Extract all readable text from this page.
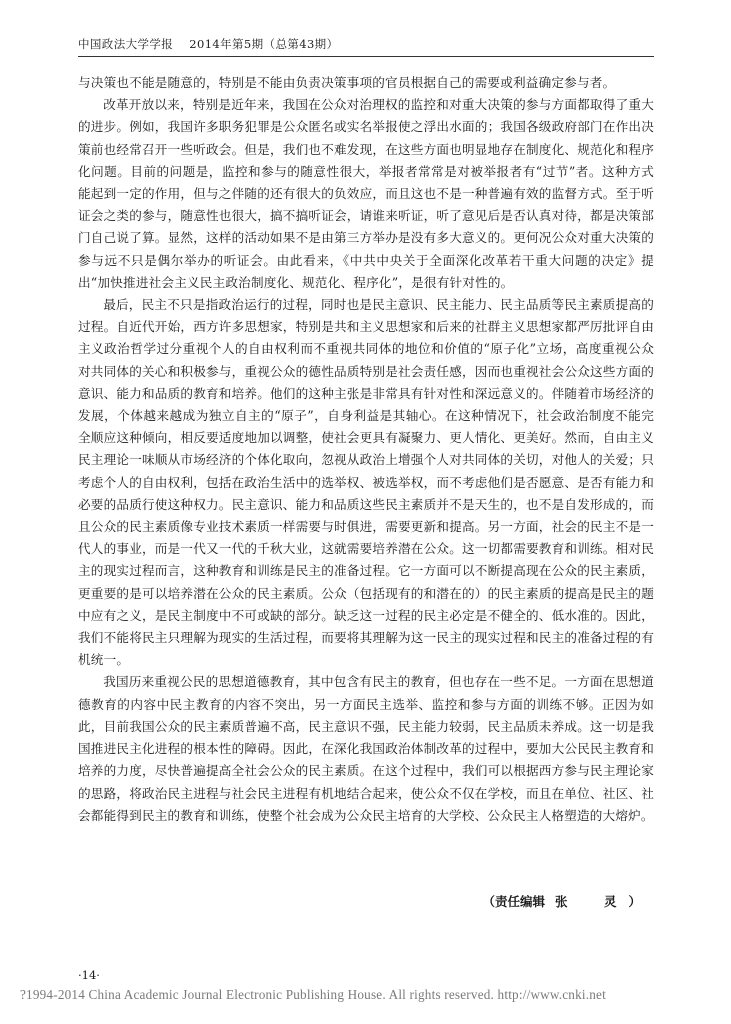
中国政法大学学报 2014年第5期（总第43期）

与决策也不能是随意的，特别是不能由负责决策事项的官员根据自己的需要或利益确定参与者。

改革开放以来，特别是近年来，我国在公众对治理权的监控和对重大决策的参与方面都取得了重大的进步。例如，我国许多职务犯罪是公众匿名或实名举报使之浮出水面的；我国各级政府部门在作出决策前也经常召开一些听政会。但是，我们也不难发现，在这些方面也明显地存在制度化、规范化和程序化问题。目前的问题是，监控和参与的随意性很大，举报者常常是对被举报者有“过节”者。这种方式能起到一定的作用，但与之伴随的还有很大的负效应，而且这也不是一种普遍有效的监督方式。至于听证会之类的参与，随意性也很大，搞不搞听证会，请谁来听证，听了意见后是否认真对待，都是决策部门自己说了算。显然，这样的活动如果不是由第三方举办是没有多大意义的。更何况公众对重大决策的参与远不只是偶尔举办的听证会。由此看来，《中共中央关于全面深化改革若干重大问题的决定》提出“加快推进社会主义民主政治制度化、规范化、程序化”，是很有针对性的。

最后，民主不只是指政治运行的过程，同时也是民主意识、民主能力、民主品质等民主素质提高的过程。自近代开始，西方许多思想家，特别是共和主义思想家和后来的社群主义思想家都严厉批评自由主义政治哲学过分重视个人的自由权利而不重视共同体的地位和价值的“原子化”立场，高度重视公众对共同体的关心和积极参与，重视公众的德性品质特别是社会责任感，因而也重视社会公众这些方面的意识、能力和品质的教育和培养。他们的这种主张是非常具有针对性和深远意义的。伴随着市场经济的发展，个体越来越成为独立自主的“原子”，自身利益是其轴心。在这种情况下，社会政治制度不能完全顺应这种倾向，相反要适度地加以调整，使社会更具有凝聚力、更人情化、更美好。然而，自由主义民主理论一味顺从市场经济的个体化取向，忽视从政治上增强个人对共同体的关切，对他人的关爱；只考虑个人的自由权利，包括在政治生活中的选举权、被选举权，而不考虑他们是否愿意、是否有能力和必要的品质行使这种权力。民主意识、能力和品质这些民主素质并不是天生的，也不是自发形成的，而且公众的民主素质像专业技术素质一样需要与时俱进，需要更新和提高。另一方面，社会的民主不是一代人的事业，而是一代又一代的千秋大业，这就需要培养潜在公众。这一切都需要教育和训练。相对民主的现实过程而言，这种教育和训练是民主的准备过程。它一方面可以不断提高现在公众的民主素质，更重要的是可以培养潜在公众的民主素质。公众（包括现有的和潜在的）的民主素质的提高是民主的题中应有之义，是民主制度中不可或缺的部分。缺乏这一过程的民主必定是不健全的、低水准的。因此，我们不能将民主只理解为现实的生活过程，而要将其理解为这一民主的现实过程和民主的准备过程的有机统一。

我国历来重视公民的思想道德教育，其中包含有民主的教育，但也存在一些不足。一方面在思想道德教育的内容中民主教育的内容不突出，另一方面民主选举、监控和参与方面的训练不够。正因为如此，目前我国公众的民主素质普遍不高，民主意识不强，民主能力较弱，民主品质未养成。这一切是我国推进民主化进程的根本性的障碍。因此，在深化我国政治体制改革的过程中，要加大公民民主教育和培养的力度，尽快普遍提高全社会公众的民主素质。在这个过程中，我们可以根据西方参与民主理论家的思路，将政治民主进程与社会民主进程有机地结合起来，使公众不仅在学校，而且在单位、社区、社会都能得到民主的教育和训练，使整个社会成为公众民主培育的大学校、公众民主人格塑造的大熔炉。

（责任编辑 张　灵）
·14·
?1994-2014 China Academic Journal Electronic Publishing House. All rights reserved. http://www.cnki.net
